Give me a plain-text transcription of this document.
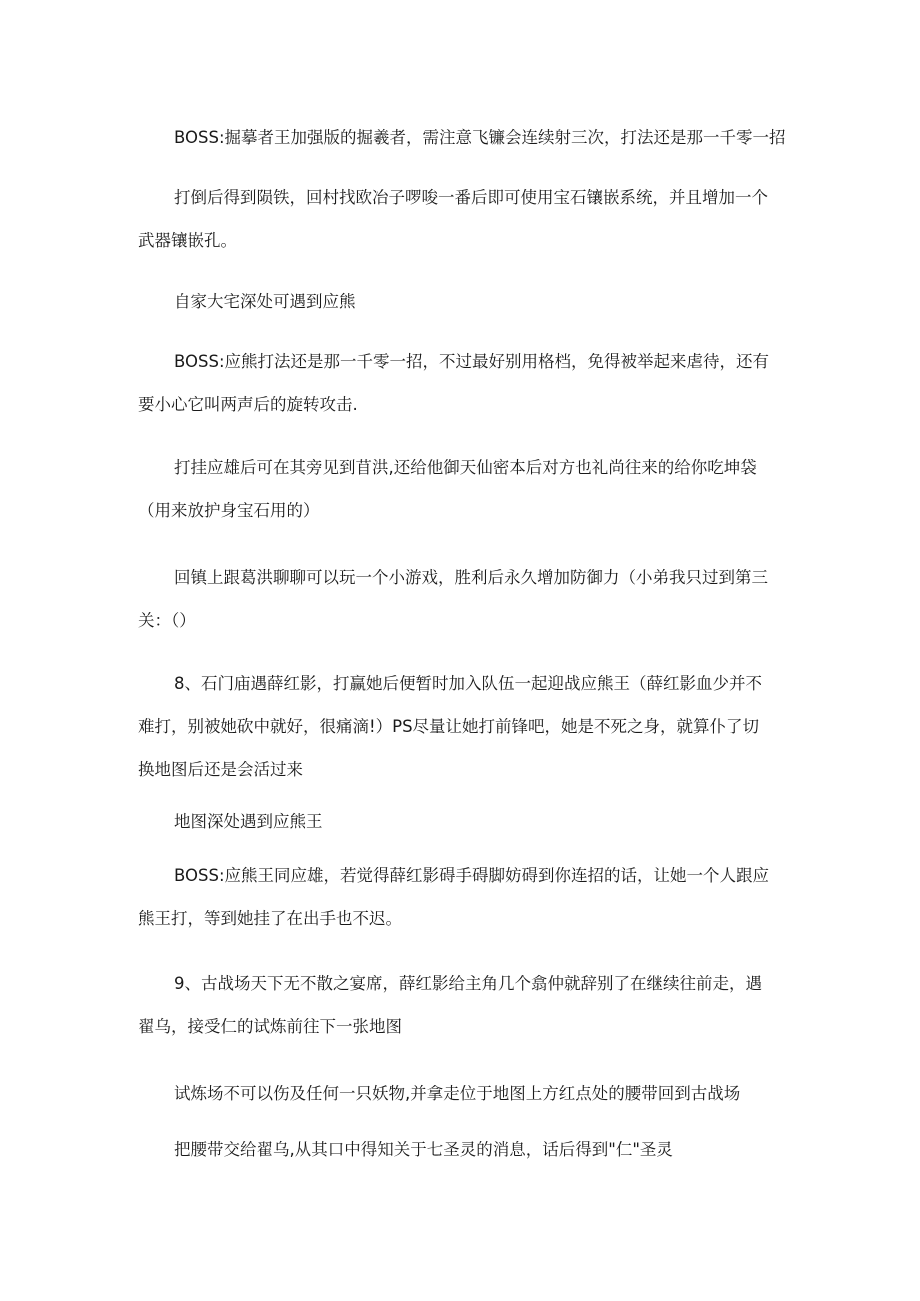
BOSS:掘摹者王加强版的掘羲者，需注意飞镰会连续射三次，打法还是那一千零一招

打倒后得到陨铁，回村找欧冶子啰唆一番后即可使用宝石镶嵌系统，并且增加一个
武器镶嵌孔。

自家大宅深处可遇到应熊

BOSS:应熊打法还是那一千零一招，不过最好别用格档，免得被举起来虐待，还有
要小心它叫两声后的旋转攻击.

打挂应雄后可在其旁见到苜洪,还给他御天仙密本后对方也礼尚往来的给你吃坤袋
（用来放护身宝石用的）

回镇上跟葛洪聊聊可以玩一个小游戏，胜利后永久增加防御力（小弟我只过到第三
关：（）

8、石门庙遇薛红影，打赢她后便暂时加入队伍一起迎战应熊王（薛红影血少并不
难打，别被她砍中就好，很痛滴!）PS尽量让她打前锋吧，她是不死之身，就算仆了切
换地图后还是会活过来

地图深处遇到应熊王

BOSS:应熊王同应雄，若觉得薛红影碍手碍脚妨碍到你连招的话，让她一个人跟应
熊王打，等到她挂了在出手也不迟。

9、古战场天下无不散之宴席，薛红影给主角几个翕仲就辞别了在继续往前走，遇
翟乌，接受仁的试炼前往下一张地图

试炼场不可以伤及任何一只妖物,并拿走位于地图上方红点处的腰带回到古战场

把腰带交给翟乌,从其口中得知关于七圣灵的消息，话后得到"仁"圣灵
